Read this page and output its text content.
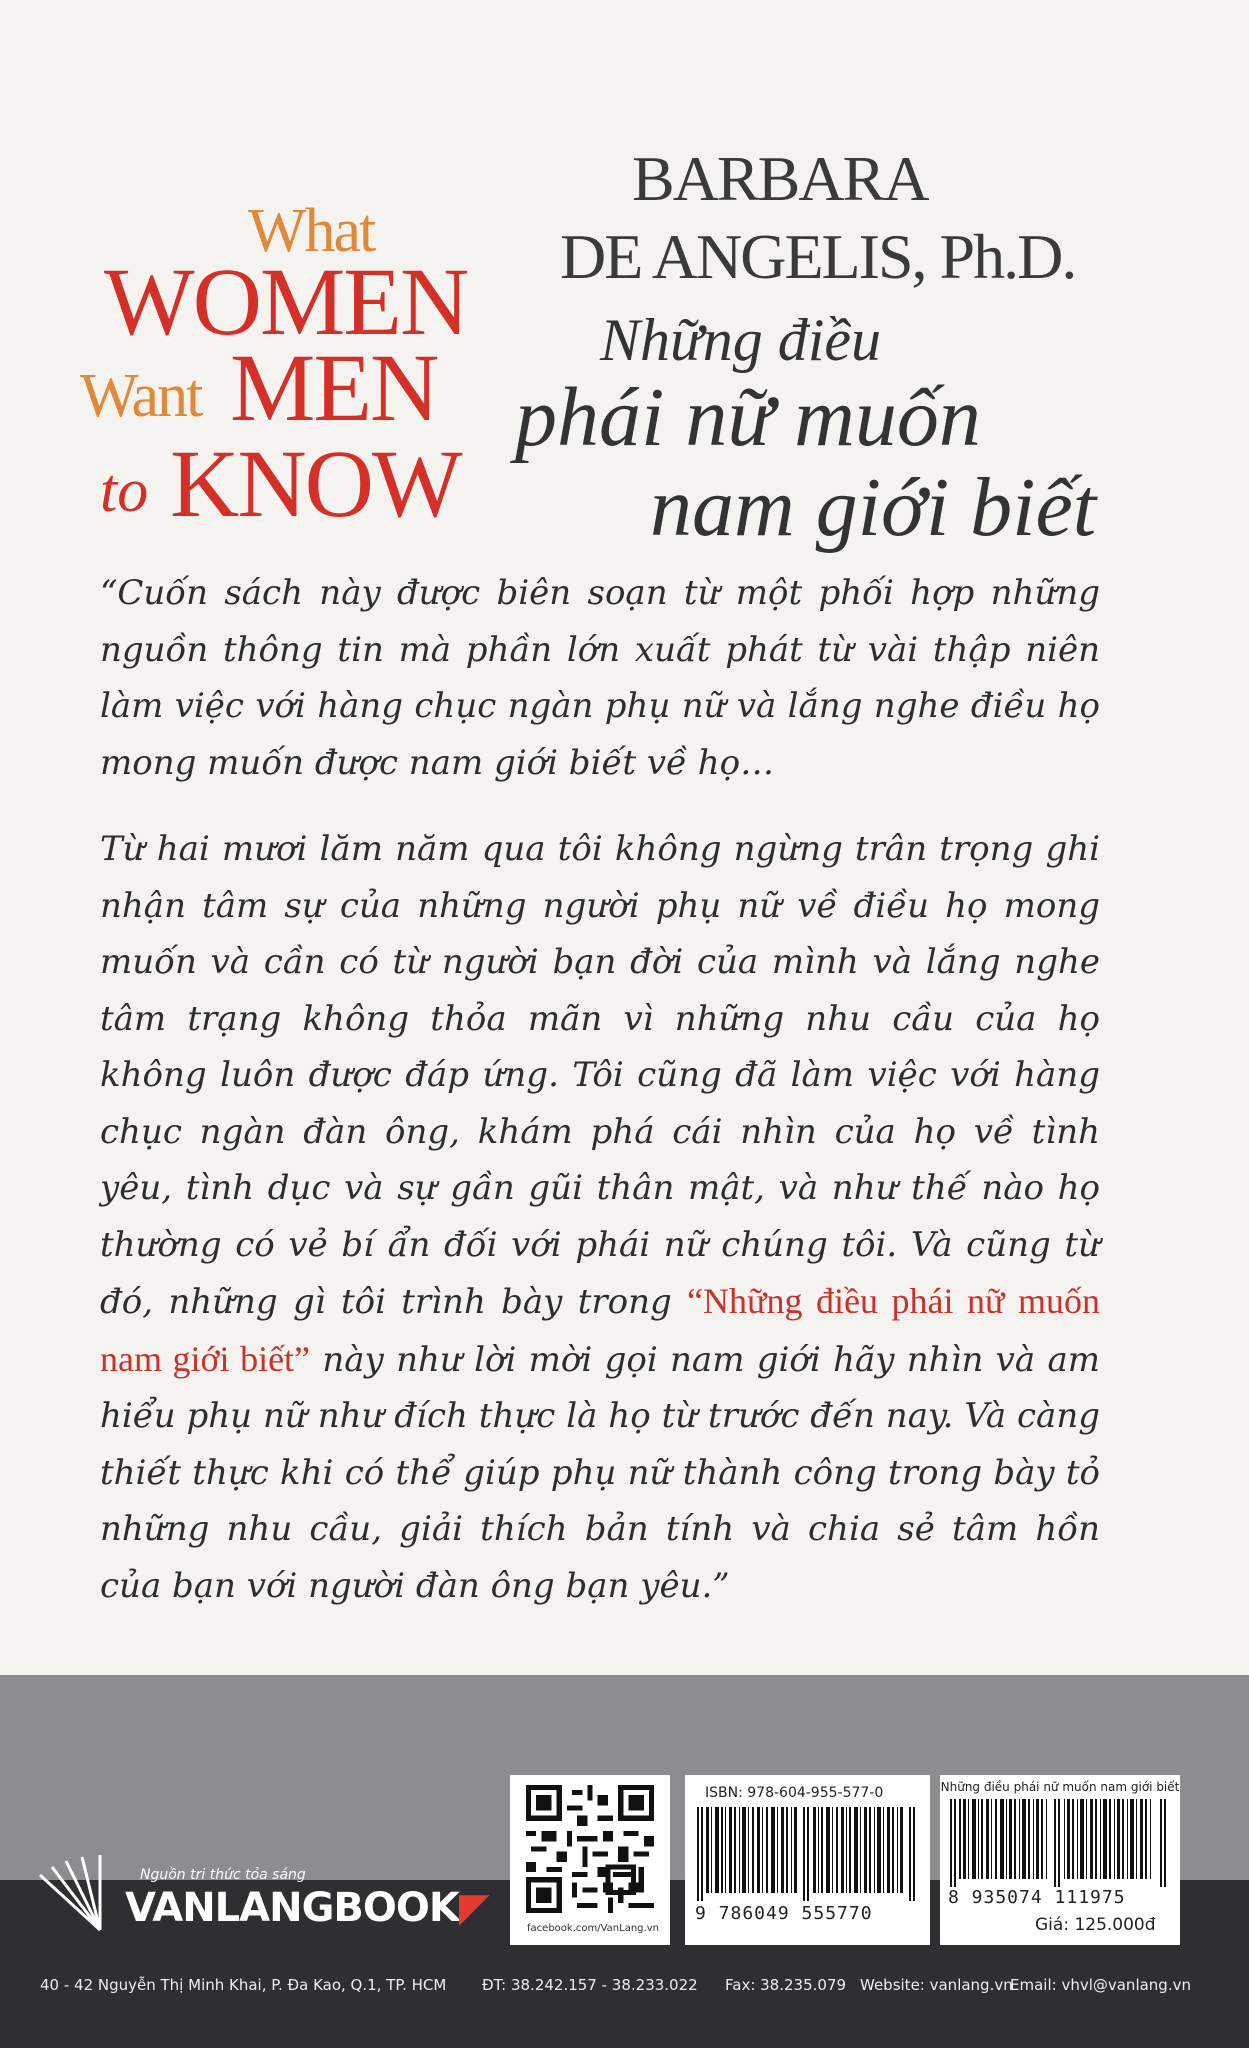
What
WOMEN
Want MEN
to KNOW
BARBARA
DE ANGELIS, Ph.D.
Những điều
phái nữ muốn
nam giới biết

“Cuốn sách này được biên soạn từ một phối hợp những nguồn thông tin mà phần lớn xuất phát từ vài thập niên làm việc với hàng chục ngàn phụ nữ và lắng nghe điều họ mong muốn được nam giới biết về họ…

Từ hai mươi lăm năm qua tôi không ngừng trân trọng ghi nhận tâm sự của những người phụ nữ về điều họ mong muốn và cần có từ người bạn đời của mình và lắng nghe tâm trạng không thỏa mãn vì những nhu cầu của họ không luôn được đáp ứng. Tôi cũng đã làm việc với hàng chục ngàn đàn ông, khám phá cái nhìn của họ về tình yêu, tình dục và sự gần gũi thân mật, và như thế nào họ thường có vẻ bí ẩn đối với phái nữ chúng tôi. Và cũng từ đó, những gì tôi trình bày trong “Những điều phái nữ muốn nam giới biết” này như lời mời gọi nam giới hãy nhìn và am hiểu phụ nữ như đích thực là họ từ trước đến nay. Và càng thiết thực khi có thể giúp phụ nữ thành công trong bày tỏ những nhu cầu, giải thích bản tính và chia sẻ tâm hồn của bạn với người đàn ông bạn yêu.”

Nguồn tri thức tỏa sáng
VANLANGBOOK◤
40 - 42 Nguyễn Thị Minh Khai, P. Đa Kao, Q.1, TP. HCM ĐT: 38.242.157 - 38.233.022 Fax: 38.235.079 Website: vanlang.vn
Email: vhvl@vanlang.vn
facebook.com/VanLang.vn
ISBN: 978-604-955-577-0
9 786049 555770
Những điều phái nữ muốn nam giới biết
8 935074 111975
Giá: 125.000đ
